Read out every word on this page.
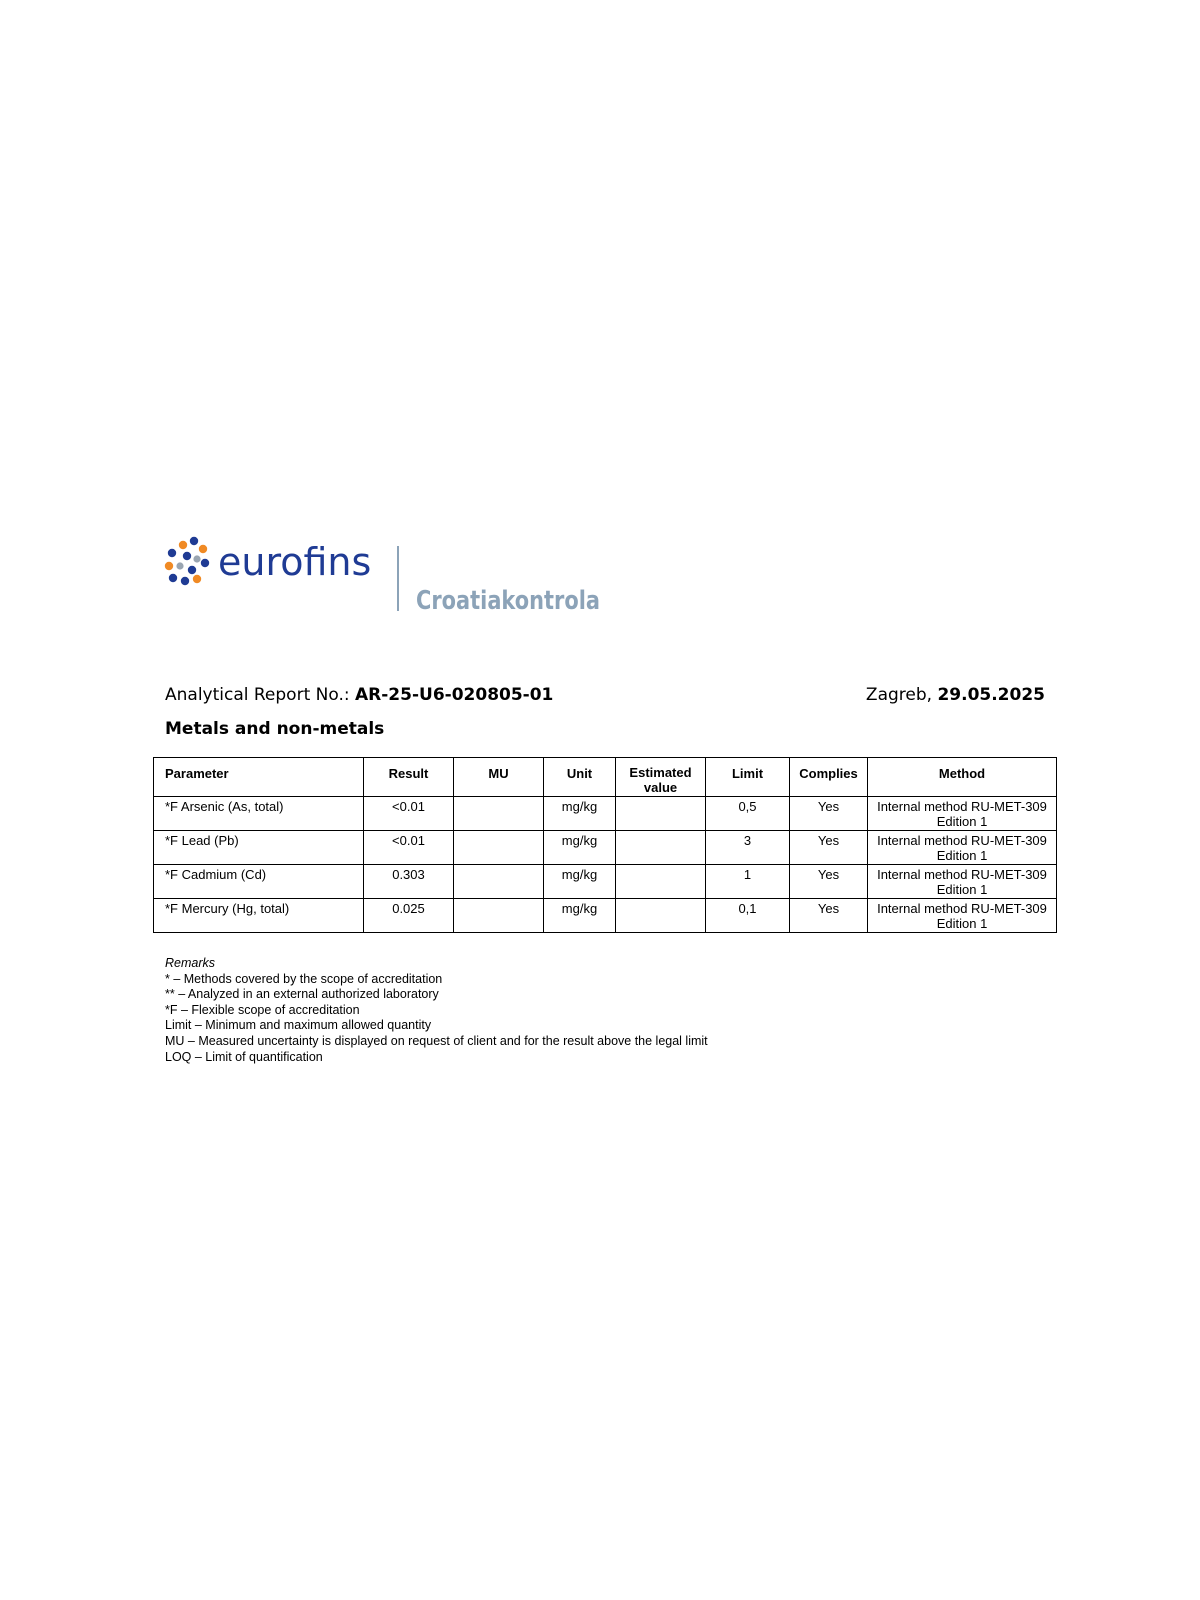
eurofins
Croatiakontrola
Analytical Report No.: AR-25-U6-020805-01	Zagreb, 29.05.2025
Metals and non-metals
Parameter	Result	MU	Unit	Estimated value	Limit	Complies	Method
*F Arsenic (As, total)	<0.01		mg/kg		0,5	Yes	Internal method RU-MET-309 Edition 1
*F Lead (Pb)	<0.01		mg/kg		3	Yes	Internal method RU-MET-309 Edition 1
*F Cadmium (Cd)	0.303		mg/kg		1	Yes	Internal method RU-MET-309 Edition 1
*F Mercury (Hg, total)	0.025		mg/kg		0,1	Yes	Internal method RU-MET-309 Edition 1
Remarks
* – Methods covered by the scope of accreditation
** – Analyzed in an external authorized laboratory
*F – Flexible scope of accreditation
Limit – Minimum and maximum allowed quantity
MU – Measured uncertainty is displayed on request of client and for the result above the legal limit
LOQ – Limit of quantification
